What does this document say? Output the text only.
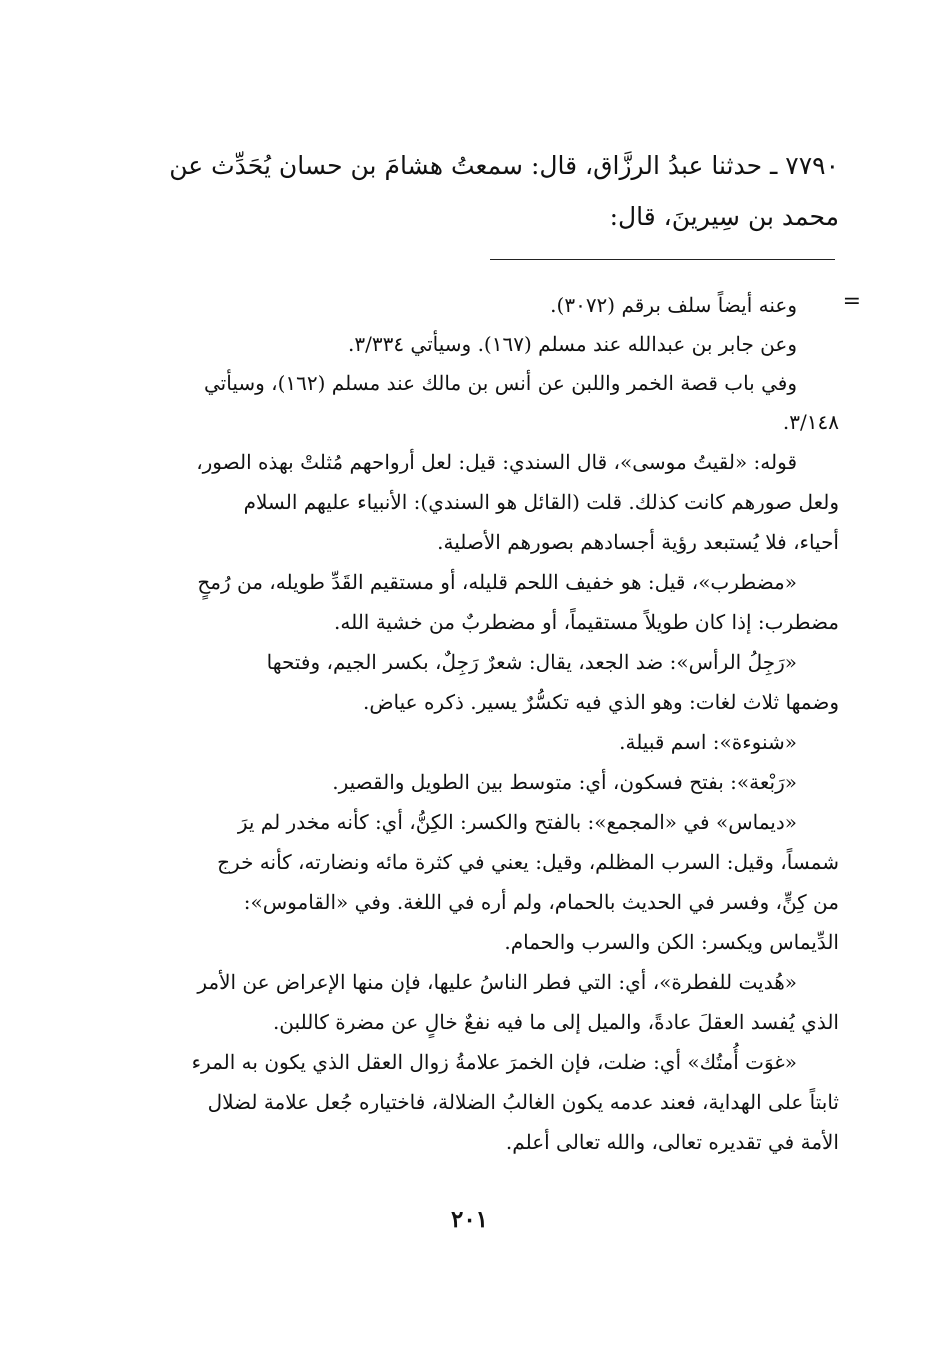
٧٧٩٠ ـ حدثنا عبدُ الرزَّاق، قال: سمعتُ هشامَ بن حسان يُحَدِّث عن
محمد بن سِيرينَ، قال:
=
وعنه أيضاً سلف برقم (٣٠٧٢).
وعن جابر بن عبدالله عند مسلم (١٦٧). وسيأتي ٣/٣٣٤.
وفي باب قصة الخمر واللبن عن أنس بن مالك عند مسلم (١٦٢)، وسيأتي
٣/١٤٨.
قوله: «لقيتُ موسى»، قال السندي: قيل: لعل أرواحهم مُثلتْ بهذه الصور،
ولعل صورهم كانت كذلك. قلت (القائل هو السندي): الأنبياء عليهم السلام
أحياء، فلا يُستبعد رؤية أجسادهم بصورهم الأصلية.
«مضطرب»، قيل: هو خفيف اللحم قليله، أو مستقيم القَدِّ طويله، من رُمحٍ
مضطرب: إذا كان طويلاً مستقيماً، أو مضطربٌ من خشية الله.
«رَجِلُ الرأس»: ضد الجعد، يقال: شعرٌ رَجِلٌ، بكسر الجيم، وفتحها
وضمها ثلاث لغات: وهو الذي فيه تكسُّرٌ يسير. ذكره عياض.
«شنوءة»: اسم قبيلة.
«رَبْعة»: بفتح فسكون، أي: متوسط بين الطويل والقصير.
«ديماس» في «المجمع»: بالفتح والكسر: الكِنُّ، أي: كأنه مخدر لم يرَ
شمساً، وقيل: السرب المظلم، وقيل: يعني في كثرة مائه ونضارته، كأنه خرج
من كِنٍّ، وفسر في الحديث بالحمام، ولم أره في اللغة. وفي «القاموس»:
الدِّيماس ويكسر: الكن والسرب والحمام.
«هُديت للفطرة»، أي: التي فطر الناسُ عليها، فإن منها الإعراض عن الأمر
الذي يُفسد العقلَ عادةً، والميل إلى ما فيه نفعٌ خالٍ عن مضرة كاللبن.
«غوَت أُمتُك» أي: ضلت، فإن الخمرَ علامةُ زوال العقل الذي يكون به المرء
ثابتاً على الهداية، فعند عدمه يكون الغالبُ الضلالة، فاختياره جُعل علامة لضلال
الأمة في تقديره تعالى، والله تعالى أعلم.
٢٠١
